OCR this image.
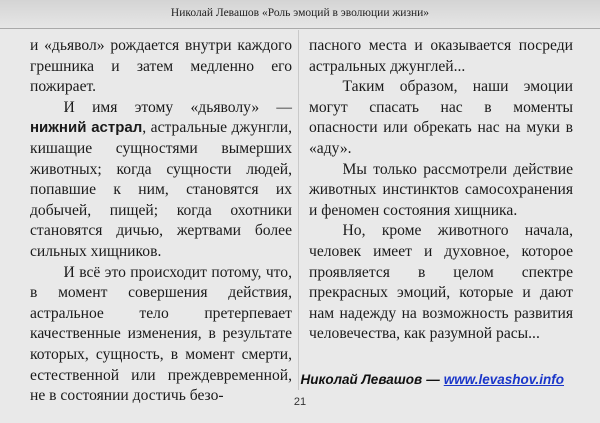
Николай Левашов «Роль эмоций в эволюции жизни»

и «дьявол» рождается внутри каждого грешника и затем медленно его пожирает.

И имя этому «дьяволу» — нижний астрал, астральные джунгли, кишащие сущностями вымерших животных; когда сущности людей, попавшие к ним, становятся их добычей, пищей; когда охотники становятся дичью, жертвами более сильных хищников.

И всё это происходит потому, что, в момент совершения действия, астральное тело претерпевает качественные изменения, в результате которых, сущность, в момент смерти, естественной или преждевременной, не в состоянии достичь безо-

пасного места и оказывается посреди астральных джунглей...

Таким образом, наши эмоции могут спасать нас в моменты опасности или обрекать нас на муки в «аду».

Мы только рассмотрели действие животных инстинктов самосохранения и феномен состояния хищника.

Но, кроме животного начала, человек имеет и духовное, которое проявляется в целом спектре прекрасных эмоций, которые и дают нам надежду на возможность развития человечества, как разумной расы...

Николай Левашов — www.levashov.info
21
